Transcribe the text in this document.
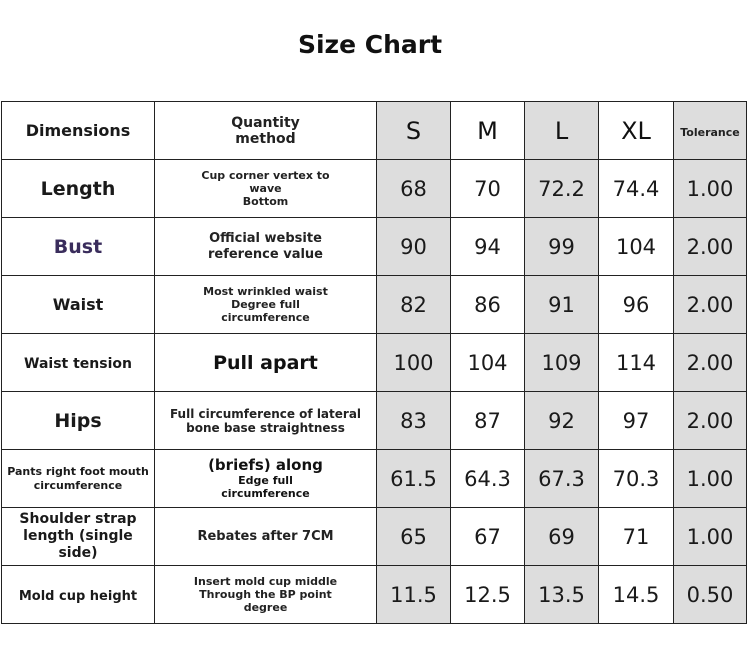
Size Chart
Dimensions	Quantity
method	S	M	L	XL	Tolerance
Length	Cup corner vertex to
wave
Bottom	68	70	72.2	74.4	1.00
Bust	Official website
reference value	90	94	99	104	2.00
Waist	Most wrinkled waist
Degree full
circumference	82	86	91	96	2.00
Waist tension	Pull apart	100	104	109	114	2.00
Hips	Full circumference of lateral
bone base straightness	83	87	92	97	2.00

Pants right foot mouth
circumference	(briefs) along
Edge full
circumference	61.5	64.3	67.3	70.3	1.00

Shoulder strap
length (single side)	Rebates after 7CM	65	67	69	71	1.00
Mold cup height	Insert mold cup middle
Through the BP point
degree	11.5	12.5	13.5	14.5	0.50
